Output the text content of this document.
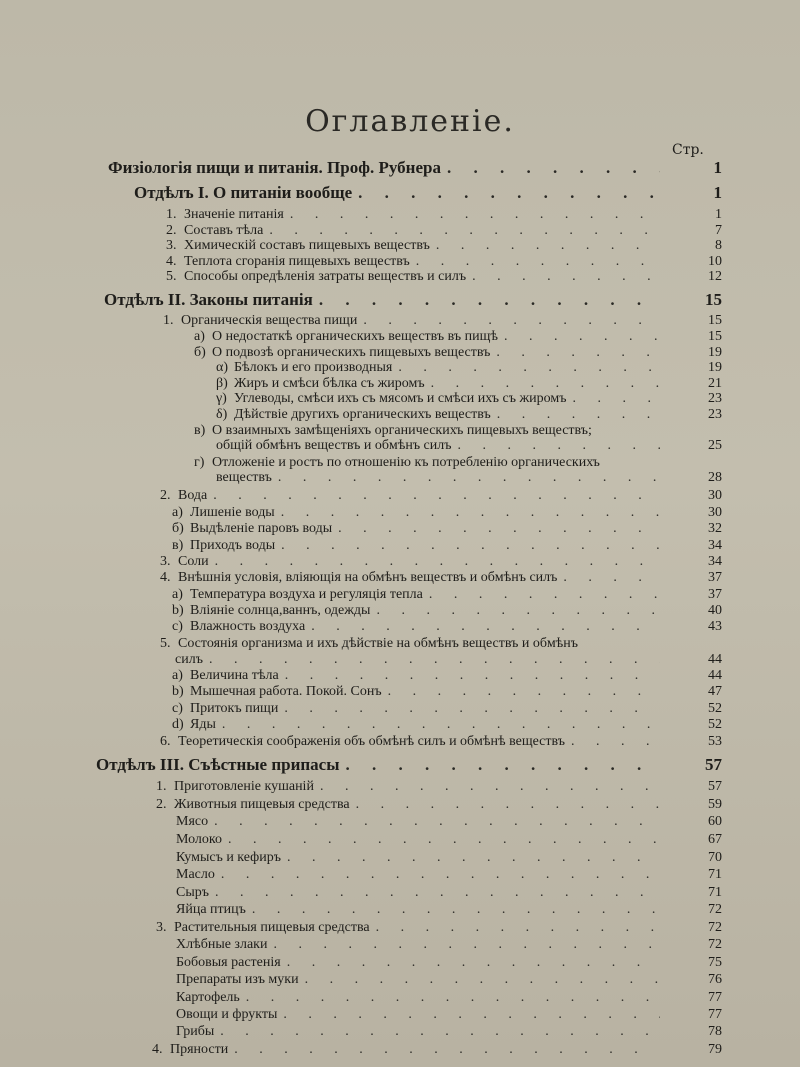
Оглавленіе.
Стр.
Физіологія пищи и питанія. Проф. Рубнера . . .	1
Отдѣлъ I. О питаніи вообще . . .	1
1. Значеніе питанія . . .	1
2. Составъ тѣла . . .	7
3. Химическій составъ пищевыхъ веществъ . . .	8
4. Теплота сгоранія пищевыхъ веществъ . . .	10
5. Способы опредѣленія затраты веществъ и силъ . . .	12
Отдѣлъ II. Законы питанія . . .	15
1. Органическія вещества пищи . . .	15
а) О недостаткѣ органическихъ веществъ въ пищѣ . . .	15
б) О подвозѣ органическихъ пищевыхъ веществъ . . .	19
α) Бѣлокъ и его производныя . . .	19
β) Жиръ и смѣси бѣлка съ жиромъ . . .	21
γ) Углеводы, смѣси ихъ съ мясомъ и смѣси ихъ съ жиромъ . . .	23
δ) Дѣйствіе другихъ органическихъ веществъ . . .	23
в) О взаимныхъ замѣщеніяхъ органическихъ пищевыхъ веществъ;
общій обмѣнъ веществъ и обмѣнъ силъ . . .	25
г) Отложеніе и ростъ по отношенію къ потребленію органическихъ
веществъ . . .	28
2. Вода . . .	30
а) Лишеніе воды . . .	30
б) Выдѣленіе паровъ воды . . .	32
в) Приходъ воды . . .	34
3. Соли . . .	34
4. Внѣшнія условія, вліяющія на обмѣнъ веществъ и обмѣнъ силъ . . .	37
a) Температура воздуха и регуляція тепла . . .	37
b) Вліяніе солнца,ваннъ, одежды . . .	40
c) Влажность воздуха . . .	43
5. Состоянія организма и ихъ дѣйствіе на обмѣнъ веществъ и обмѣнъ
силъ . . .	44
a) Величина тѣла . . .	44
b) Мышечная работа. Покой. Сонъ . . .	47
c) Притокъ пищи . . .	52
d) Яды . . .	52
6. Теоретическія соображенія объ обмѣнѣ силъ и обмѣнѣ веществъ . . .	53
Отдѣлъ III. Съѣстные припасы . . .	57
1. Приготовленіе кушаній . . .	57
2. Животныя пищевыя средства . . .	59
Мясо . . .	60
Молоко . . .	67
Кумысъ и кефиръ . . .	70
Масло . . .	71
Сыръ . . .	71
Яйца птицъ . . .	72
3. Растительныя пищевыя средства . . .	72
Хлѣбные злаки . . .	72
Бобовыя растенія . . .	75
Препараты изъ муки . . .	76
Картофель . . .	77
Овощи и фрукты . . .	77
Грибы . . .	78
4. Пряности . . .	79
